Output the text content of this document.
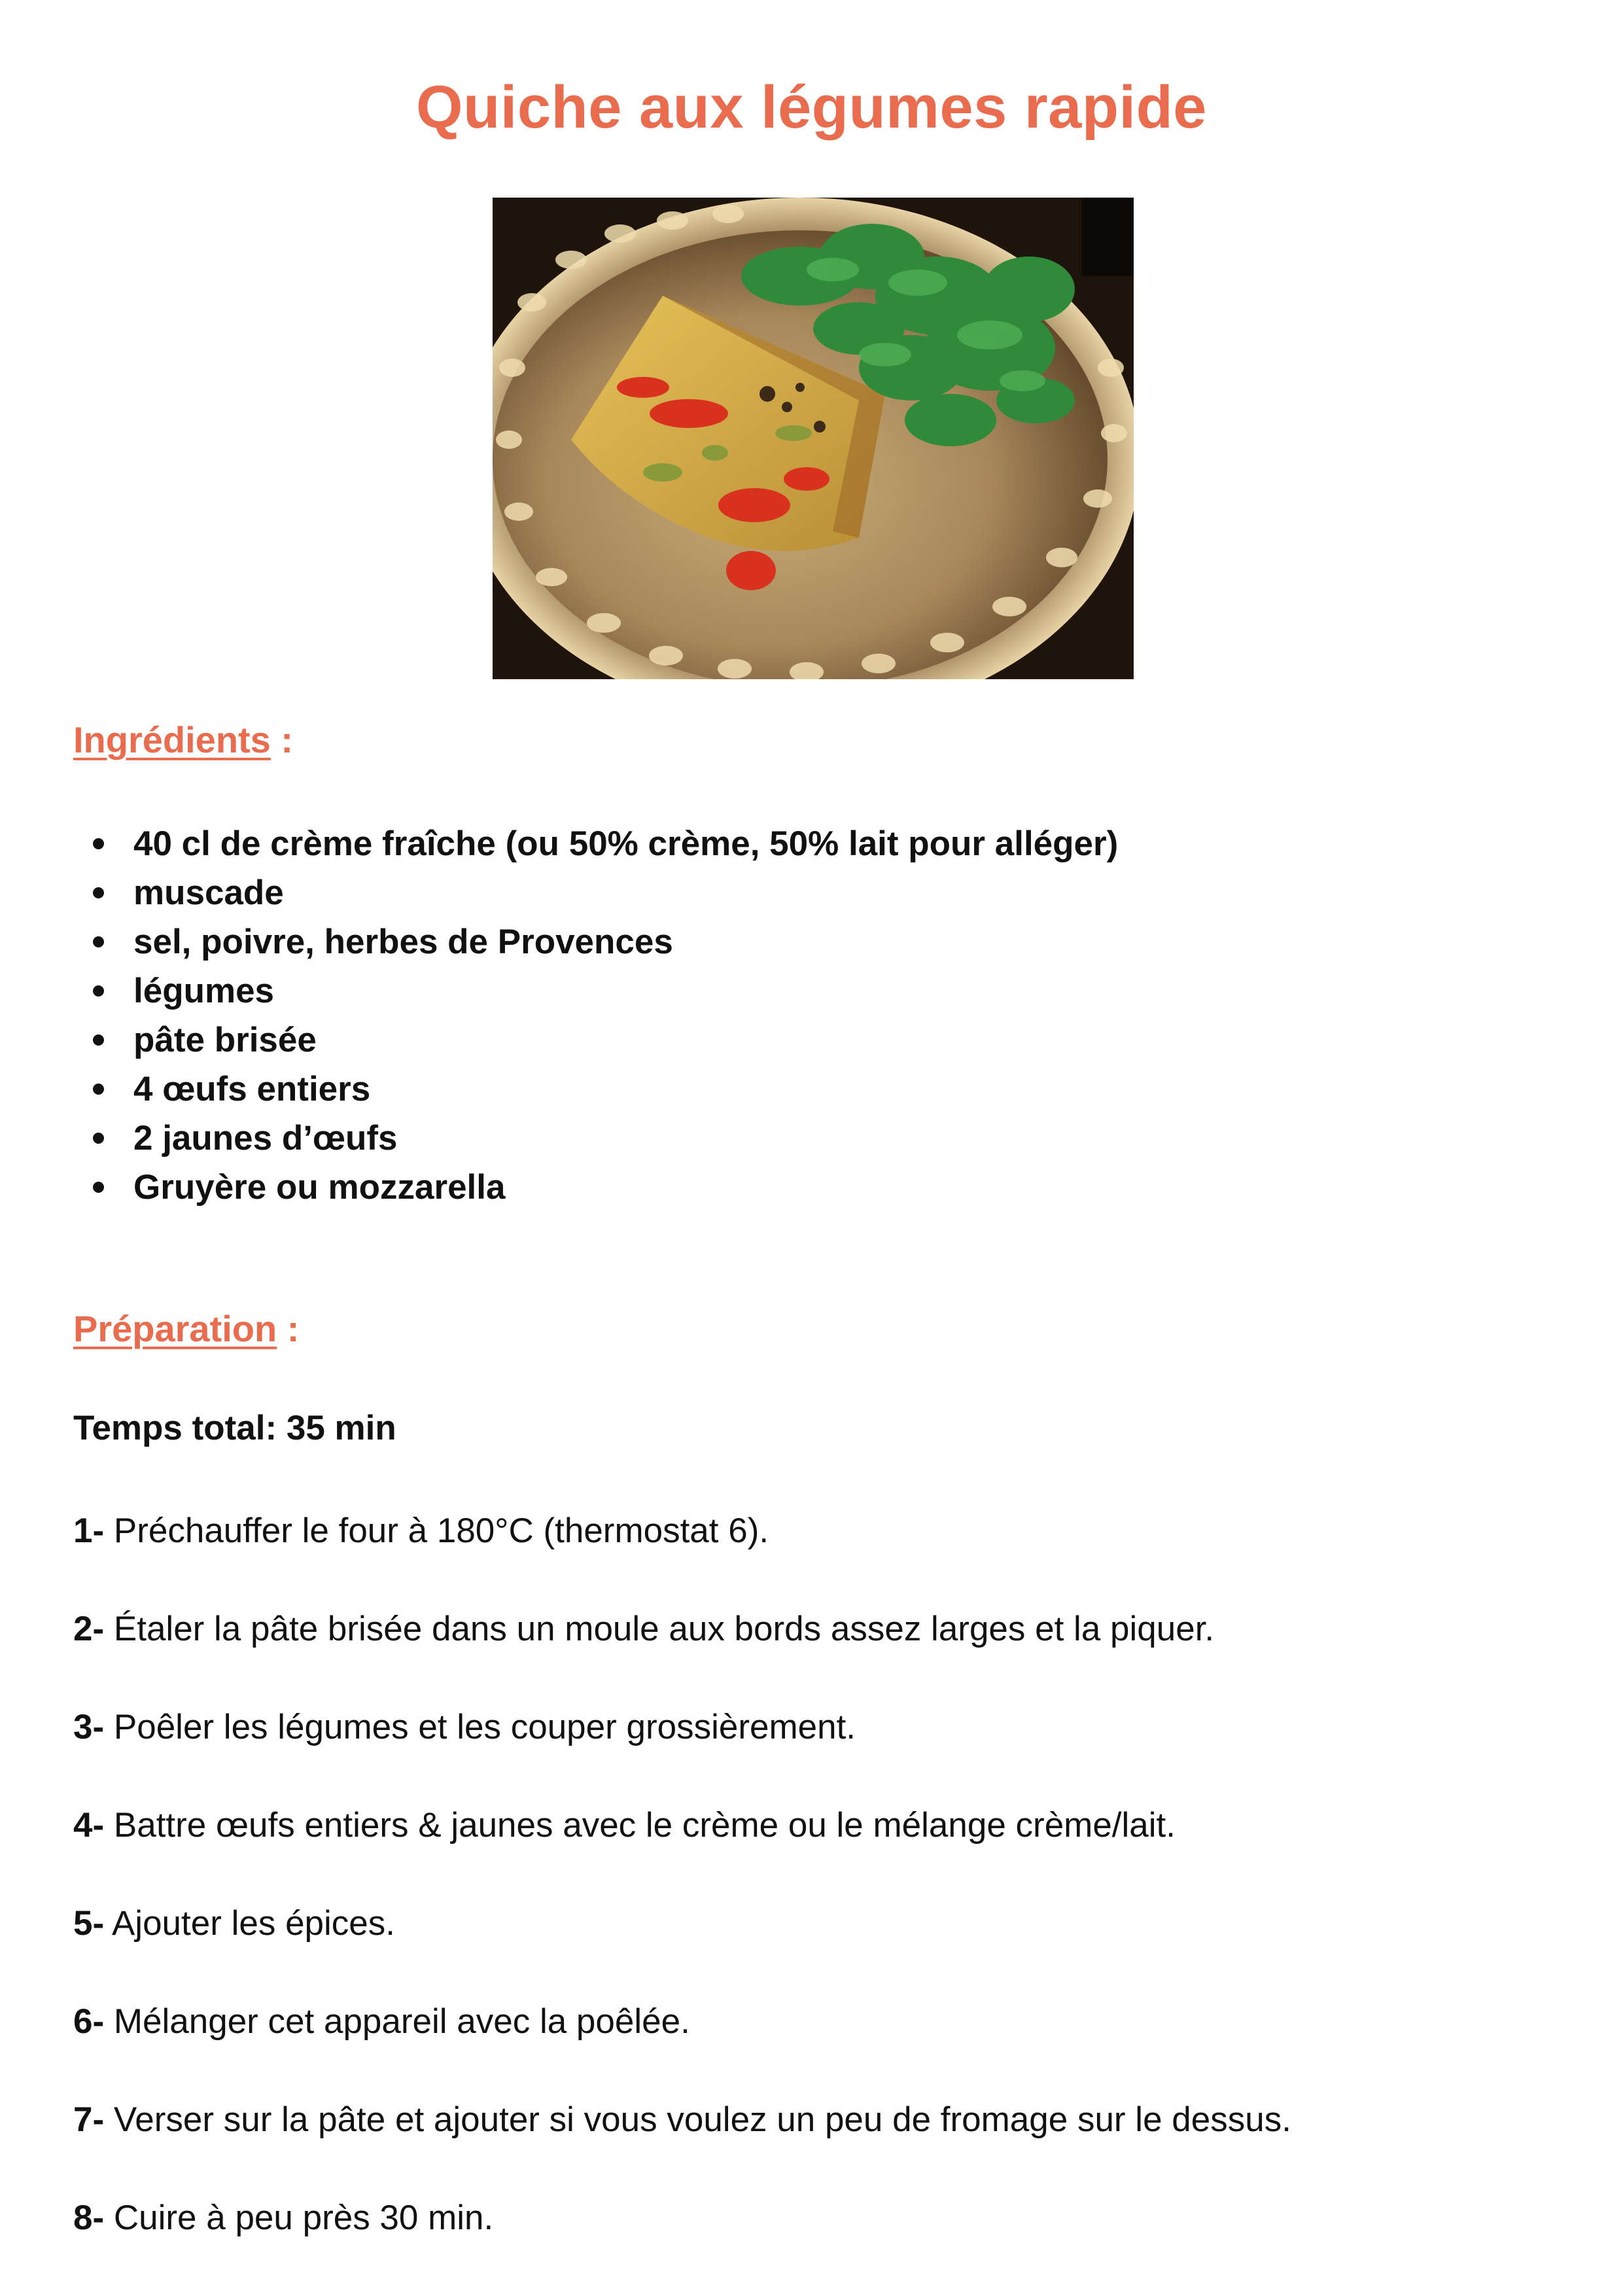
Quiche aux légumes rapide
Ingrédients :
40 cl de crème fraîche (ou 50% crème, 50% lait pour alléger)
muscade
sel, poivre, herbes de Provences
légumes
pâte brisée
4 œufs entiers
2 jaunes d’œufs
Gruyère ou mozzarella
Préparation :
Temps total: 35 min
1- Préchauffer le four à 180°C (thermostat 6).
2- Étaler la pâte brisée dans un moule aux bords assez larges et la piquer.
3- Poêler les légumes et les couper grossièrement.
4- Battre œufs entiers & jaunes avec le crème ou le mélange crème/lait.
5- Ajouter les épices.
6- Mélanger cet appareil avec la poêlée.
7- Verser sur la pâte et ajouter si vous voulez un peu de fromage sur le dessus.
8- Cuire à peu près 30 min.
